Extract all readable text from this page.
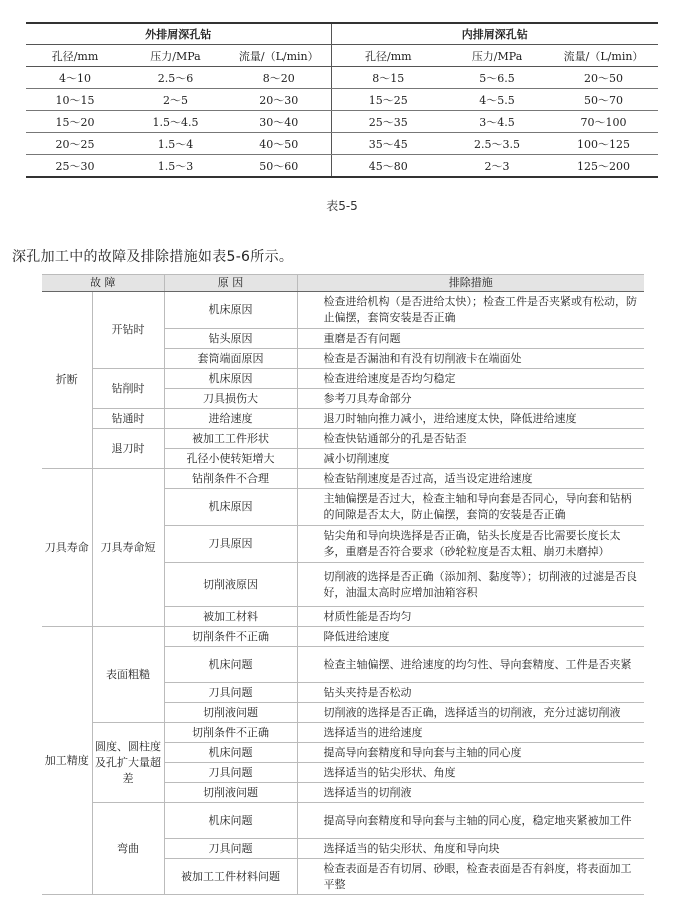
外排屑深孔钻			内排屑深孔钻		
孔径/mm	压力/MPa	流量/（L/min）	孔径/mm	压力/MPa	流量/（L/min）
4～10	2.5～6	8～20	8～15	5～6.5	20～50
10～15	2～5	20～30	15～25	4～5.5	50～70
15～20	1.5～4.5	30～40	25～35	3～4.5	70～100
20～25	1.5～4	40～50	35～45	2.5～3.5	100～125
25～30	1.5～3	50～60	45～80	2～3	125～200
表5-5
深孔加工中的故障及排除措施如表5-6所示。
故 障		原 因	排除措施
折断	开钻时	机床原因	检查进给机构（是否进给太快）；检查工件是否夹紧或有松动，防止偏摆，套筒安装是否正确
		钻头原因	重磨是否有问题
		套筒端面原因	检查是否漏油和有没有切削液卡在端面处
	钻削时	机床原因	检查进给速度是否均匀稳定
		刀具损伤大	参考刀具寿命部分
	钻通时	进给速度	退刀时轴向推力减小，进给速度太快，降低进给速度
	退刀时	被加工工件形状	检查快钻通部分的孔是否钻歪
		孔径小使转矩增大	减小切削速度
刀具寿命	刀具寿命短	钻削条件不合理	检查钻削速度是否过高，适当设定进给速度
		机床原因	主轴偏摆是否过大，检查主轴和导向套是否同心，导向套和钻柄的间隙是否太大，防止偏摆，套筒的安装是否正确
		刀具原因	钻尖角和导向块选择是否正确，钻头长度是否比需要长度长太多，重磨是否符合要求（砂轮粒度是否太粗、崩刃未磨掉）
		切削液原因	切削液的选择是否正确（添加剂、黏度等）；切削液的过滤是否良好，油温太高时应增加油箱容积
		被加工材料	材质性能是否均匀
加工精度	表面粗糙	切削条件不正确	降低进给速度
		机床问题	检查主轴偏摆、进给速度的均匀性、导向套精度、工件是否夹紧
		刀具问题	钻头夹持是否松动
		切削液问题	切削液的选择是否正确，选择适当的切削液，充分过滤切削液
	圆度、圆柱度及孔扩大量超差	切削条件不正确	选择适当的进给速度
		机床问题	提高导向套精度和导向套与主轴的同心度
		刀具问题	选择适当的钻尖形状、角度
		切削液问题	选择适当的切削液
	弯曲	机床问题	提高导向套精度和导向套与主轴的同心度，稳定地夹紧被加工件
		刀具问题	选择适当的钻尖形状、角度和导向块
		被加工工件材料问题	检查表面是否有切屑、砂眼，检查表面是否有斜度，将表面加工平整
